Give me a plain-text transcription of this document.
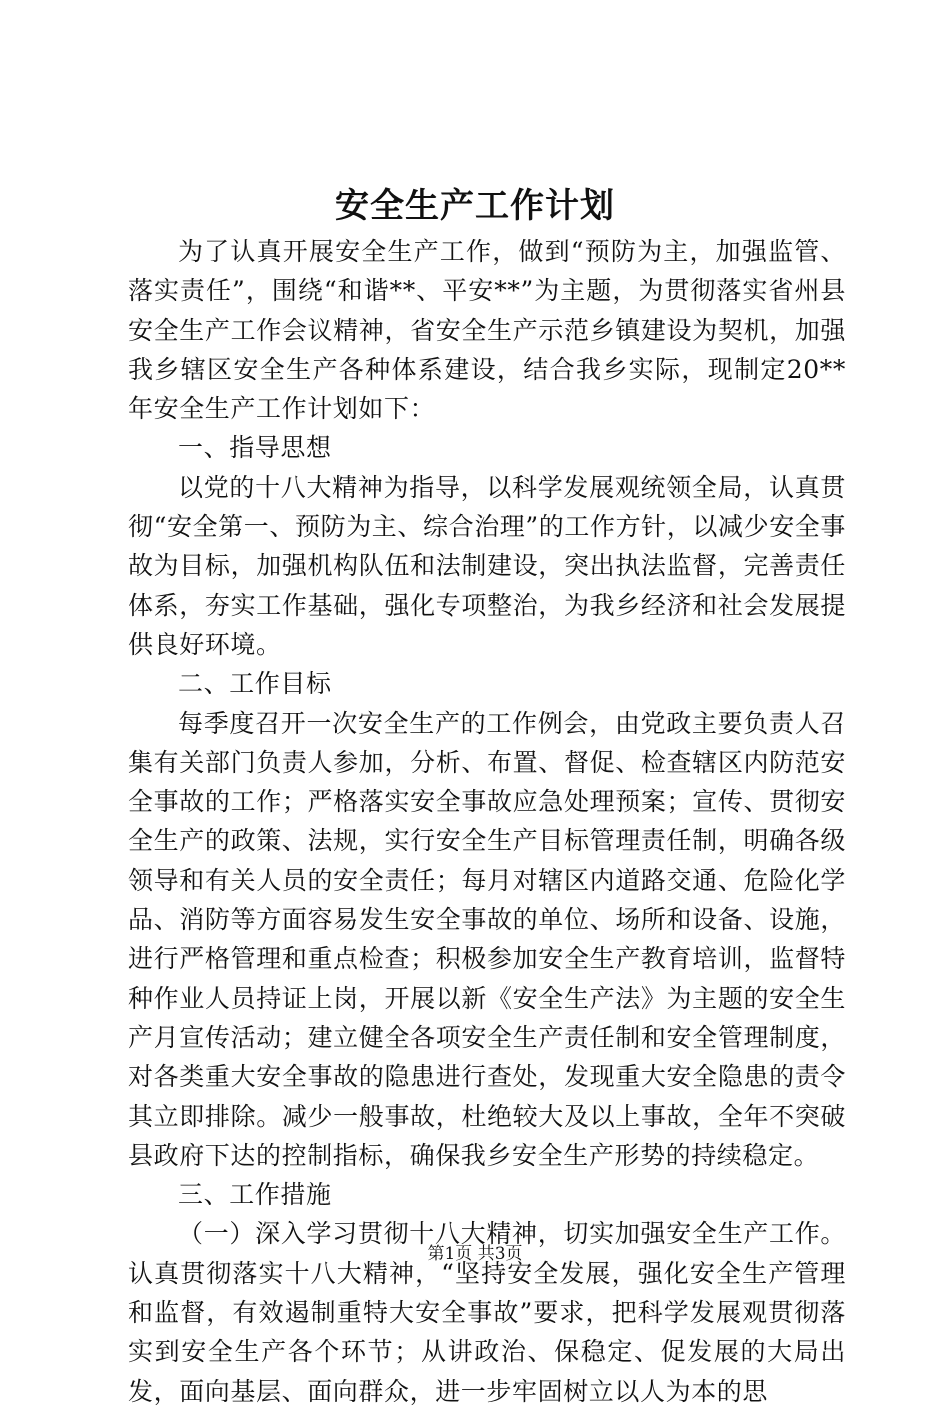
安全生产工作计划

为了认真开展安全生产工作，做到“预防为主，加强监管、落实责任”，围绕“和谐**、平安**”为主题，为贯彻落实省州县安全生产工作会议精神，省安全生产示范乡镇建设为契机，加强我乡辖区安全生产各种体系建设，结合我乡实际，现制定20**年安全生产工作计划如下：

一、指导思想

以党的十八大精神为指导，以科学发展观统领全局，认真贯彻“安全第一、预防为主、综合治理”的工作方针，以减少安全事故为目标，加强机构队伍和法制建设，突出执法监督，完善责任体系，夯实工作基础，强化专项整治，为我乡经济和社会发展提供良好环境。

二、工作目标

每季度召开一次安全生产的工作例会，由党政主要负责人召集有关部门负责人参加，分析、布置、督促、检查辖区内防范安全事故的工作；严格落实安全事故应急处理预案；宣传、贯彻安全生产的政策、法规，实行安全生产目标管理责任制，明确各级领导和有关人员的安全责任；每月对辖区内道路交通、危险化学品、消防等方面容易发生安全事故的单位、场所和设备、设施，进行严格管理和重点检查；积极参加安全生产教育培训，监督特种作业人员持证上岗，开展以新《安全生产法》为主题的安全生产月宣传活动；建立健全各项安全生产责任制和安全管理制度，对各类重大安全事故的隐患进行查处，发现重大安全隐患的责令其立即排除。减少一般事故，杜绝较大及以上事故，全年不突破县政府下达的控制指标，确保我乡安全生产形势的持续稳定。

三、工作措施

（一）深入学习贯彻十八大精神，切实加强安全生产工作。认真贯彻落实十八大精神，“坚持安全发展，强化安全生产管理和监督，有效遏制重特大安全事故”要求，把科学发展观贯彻落实到安全生产各个环节；从讲政治、保稳定、促发展的大局出发，面向基层、面向群众，进一步牢固树立以人为本的思

第1页 共3页
